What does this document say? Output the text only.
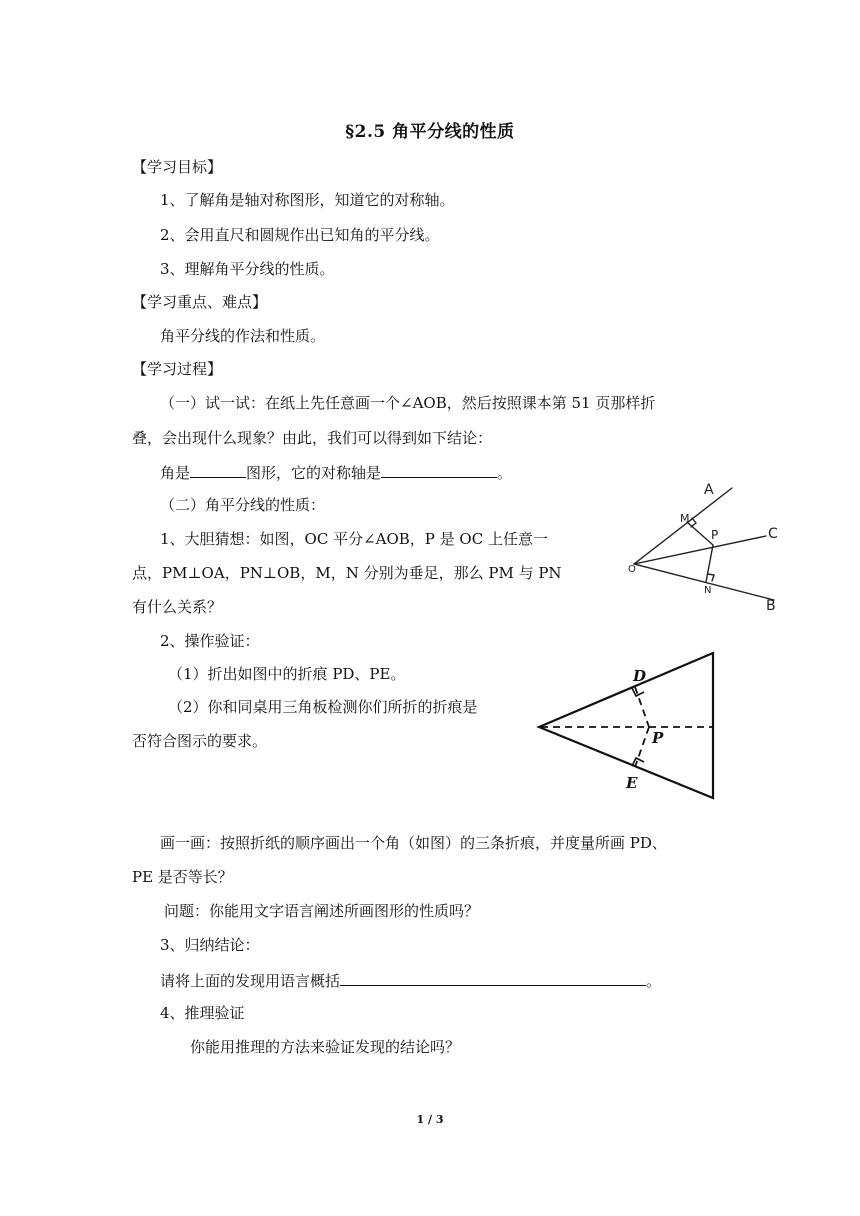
§2.5 角平分线的性质
【学习目标】
1、了解角是轴对称图形，知道它的对称轴。
2、会用直尺和圆规作出已知角的平分线。
3、理解角平分线的性质。
【学习重点、难点】
角平分线的作法和性质。
【学习过程】
（一）试一试：在纸上先任意画一个∠AOB，然后按照课本第 51 页那样折
叠，会出现什么现象？由此，我们可以得到如下结论：
角是	图形，它的对称轴是	。
（二）角平分线的性质：
1、大胆猜想：如图，OC 平分∠AOB，P 是 OC 上任意一
点，PM⊥OA，PN⊥OB，M，N 分别为垂足，那么 PM 与 PN
有什么关系？
2、操作验证：
（1）折出如图中的折痕 PD、PE。
（2）你和同桌用三角板检测你们所折的折痕是
否符合图示的要求。
画一画：按照折纸的顺序画出一个角（如图）的三条折痕，并度量所画 PD、
PE 是否等长？
问题：你能用文字语言阐述所画图形的性质吗？
3、归纳结论：
请将上面的发现用语言概括	。
4、推理验证
你能用推理的方法来验证发现的结论吗？
A
M
P	C
O
N
B
D
P
E
1 / 3
